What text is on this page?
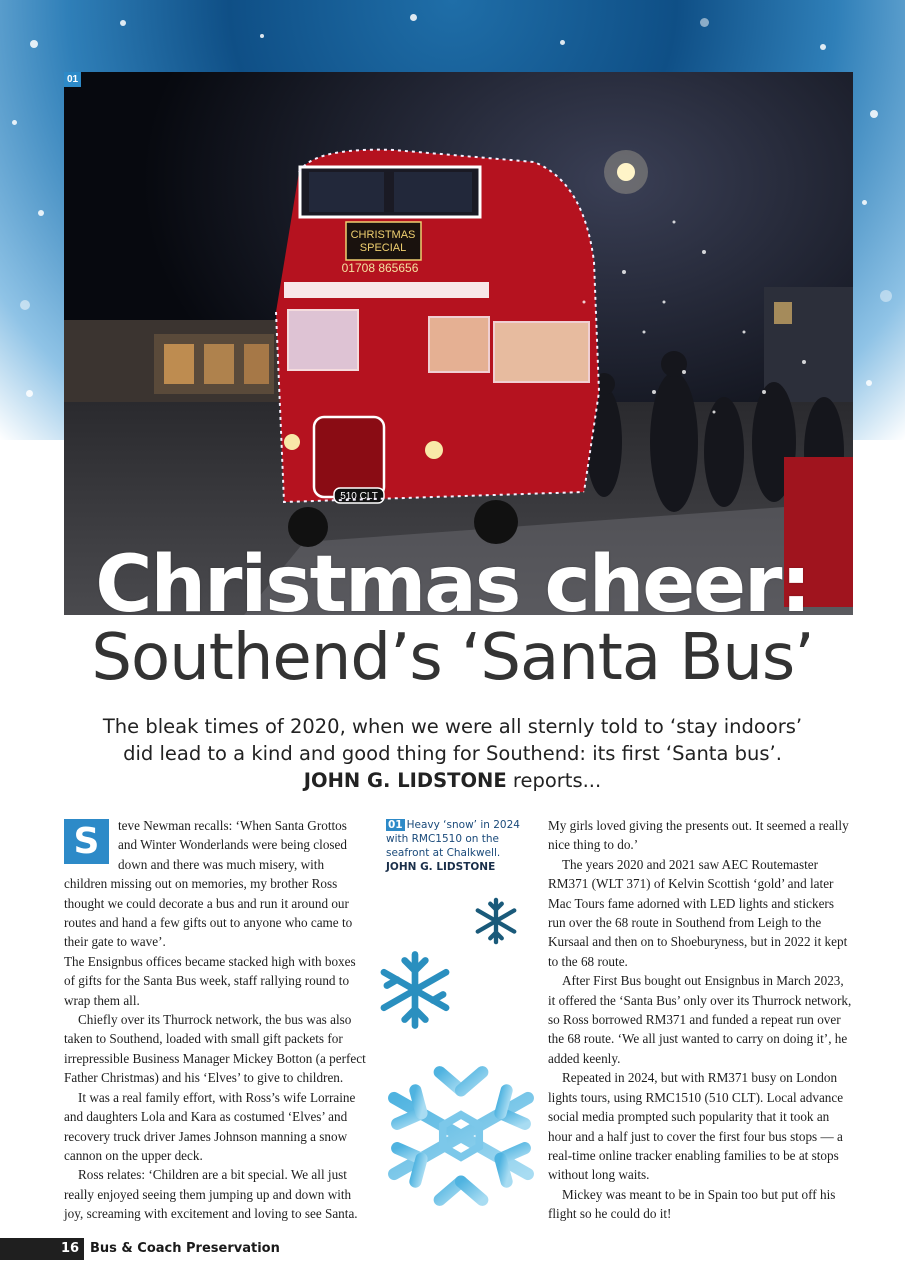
01
CHRISTMAS
SPECIAL
01708 865656
510 CLT
Christmas cheer:
Southend’s ‘Santa Bus’
The bleak times of 2020, when we were all sternly told to ‘stay indoors’ did lead to a kind and good thing for Southend: its first ‘Santa bus’. JOHN G. LIDSTONE reports...

S	teve Newman recalls: ‘When Santa Grottos and Winter Wonderlands were being closed down and there was much misery, with children missing out on memories, my brother Ross thought we could decorate a bus and run it around our routes and hand a few gifts out to anyone who came to their gate to wave’.

The Ensignbus offices became stacked high with boxes of gifts for the Santa Bus week, staff rallying round to wrap them all.

Chiefly over its Thurrock network, the bus was also taken to Southend, loaded with small gift packets for irrepressible Business Manager Mickey Botton (a perfect Father Christmas) and his ‘Elves’ to give to children.

It was a real family effort, with Ross’s wife Lorraine and daughters Lola and Kara as costumed ‘Elves’ and recovery truck driver James Johnson manning a snow cannon on the upper deck.

Ross relates: ‘Children are a bit special. We all just really enjoyed seeing them jumping up and down with joy, screaming with excitement and loving to see Santa.

01 Heavy ‘snow’ in 2024 with RMC1510 on the seafront at Chalkwell.
JOHN G. LIDSTONE

My girls loved giving the presents out. It seemed a really nice thing to do.’

The years 2020 and 2021 saw AEC Routemaster RM371 (WLT 371) of Kelvin Scottish ‘gold’ and later Mac Tours fame adorned with LED lights and stickers run over the 68 route in Southend from Leigh to the Kursaal and then on to Shoeburyness, but in 2022 it kept to the 68 route.

After First Bus bought out Ensignbus in March 2023, it offered the ‘Santa Bus’ only over its Thurrock network, so Ross borrowed RM371 and funded a repeat run over the 68 route. ‘We all just wanted to carry on doing it’, he added keenly.

Repeated in 2024, but with RM371 busy on London lights tours, using RMC1510 (510 CLT). Local advance social media prompted such popularity that it took an hour and a half just to cover the first four bus stops — a real-time online tracker enabling families to be at stops without long waits.

Mickey was meant to be in Spain too but put off his flight so he could do it!

16 Bus & Coach Preservation
